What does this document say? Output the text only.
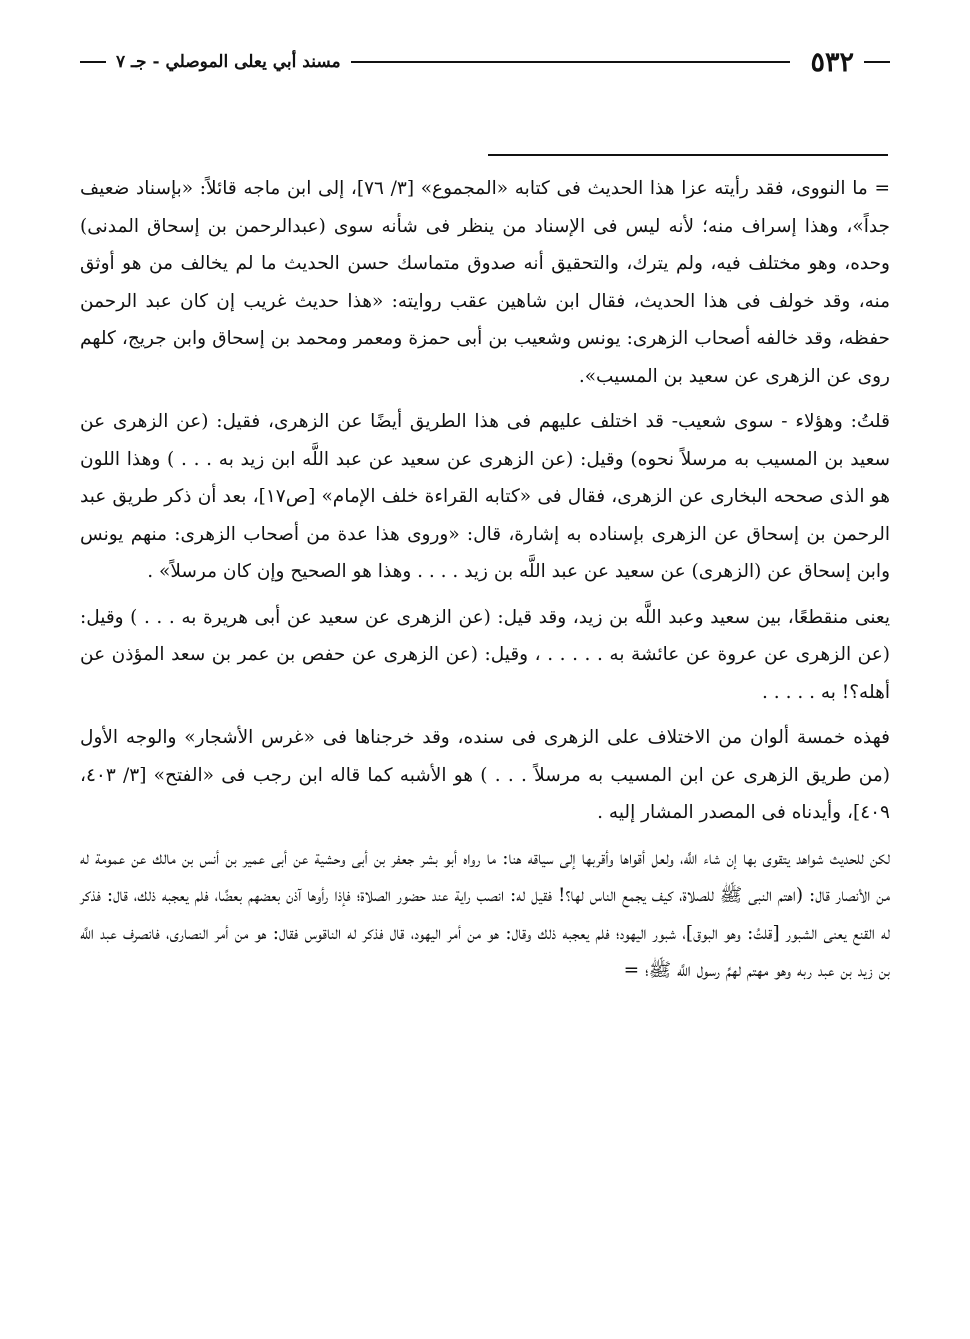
٥٣٢
مسند أبي يعلى الموصلي - جـ ٧

= ما النووى، فقد رأيته عزا هذا الحديث فى كتابه «المجموع» [٣/ ٧٦]، إلى ابن ماجه قائلاً: «بإسناد ضعيف جداً»، وهذا إسراف منه؛ لأنه ليس فى الإسناد من ينظر فى شأنه سوى (عبدالرحمن بن إسحاق المدنى) وحده، وهو مختلف فيه، ولم يترك، والتحقيق أنه صدوق متماسك حسن الحديث ما لم يخالف من هو أوثق منه، وقد خولف فى هذا الحديث، فقال ابن شاهين عقب روايته: «هذا حديث غريب إن كان عبد الرحمن حفظه، وقد خالفه أصحاب الزهرى: يونس وشعيب بن أبى حمزة ومعمر ومحمد بن إسحاق وابن جريج، كلهم روى عن الزهرى عن سعيد بن المسيب».

قلتُ: وهؤلاء - سوى شعيب- قد اختلف عليهم فى هذا الطريق أيضًا عن الزهرى، فقيل: (عن الزهرى عن سعيد بن المسيب به مرسلاً نحوه) وقيل: (عن الزهرى عن سعيد عن عبد اللَّه ابن زيد به . . . ) وهذا اللون هو الذى صححه البخارى عن الزهرى، فقال فى «كتابه القراءة خلف الإمام» [ص١٧]، بعد أن ذكر طريق عبد الرحمن بن إسحاق عن الزهرى بإسناده به إشارة، قال: «وروى هذا عدة من أصحاب الزهرى: منهم يونس وابن إسحاق عن (الزهرى) عن سعيد عن عبد اللَّه بن زيد . . . . وهذا هو الصحيح وإن كان مرسلاً» .

يعنى منقطعًا، بين سعيد وعبد اللَّه بن زيد، وقد قيل: (عن الزهرى عن سعيد عن أبى هريرة به . . . ) وقيل: (عن الزهرى عن عروة عن عائشة به . . . . . ، وقيل: (عن الزهرى عن حفص بن عمر بن سعد المؤذن عن أهله؟! به . . . . .

فهذه خمسة ألوان من الاختلاف على الزهرى فى سنده، وقد خرجناها فى «غرس الأشجار» والوجه الأول (من طريق الزهرى عن ابن المسيب به مرسلاً . . . ) هو الأشبه كما قاله ابن رجب فى «الفتح» [٣/ ٤٠٣، ٤٠٩]، وأيدناه فى المصدر المشار إليه .

لكن للحديث شواهد يتقوى بها إن شاء اللَّه، ولعل أقواها وأقربها إلى سياقه هنا: ما رواه أبو بشر جعفر بن أبى وحشية عن أبى عمير بن أنس بن مالك عن عمومة له من الأنصار قال: (اهتم النبى ﷺ للصلاة، كيف يجمع الناس لها؟! فقيل له: انصب راية عند حضور الصلاة؛ فإذا رأوها آذن بعضهم بعضًا، فلم يعجبه ذلك، قال: فذكر له القنع يعنى الشبور [قلتُ: وهو البوق]، شبور اليهود؛ فلم يعجبه ذلك وقال: هو من أمر اليهود، قال فذكر له الناقوس فقال: هو من أمر النصارى، فانصرف عبد اللَّه بن زيد بن عبد ربه وهو مهتم لهمِّ رسول اللَّه ﷺ؛ =
